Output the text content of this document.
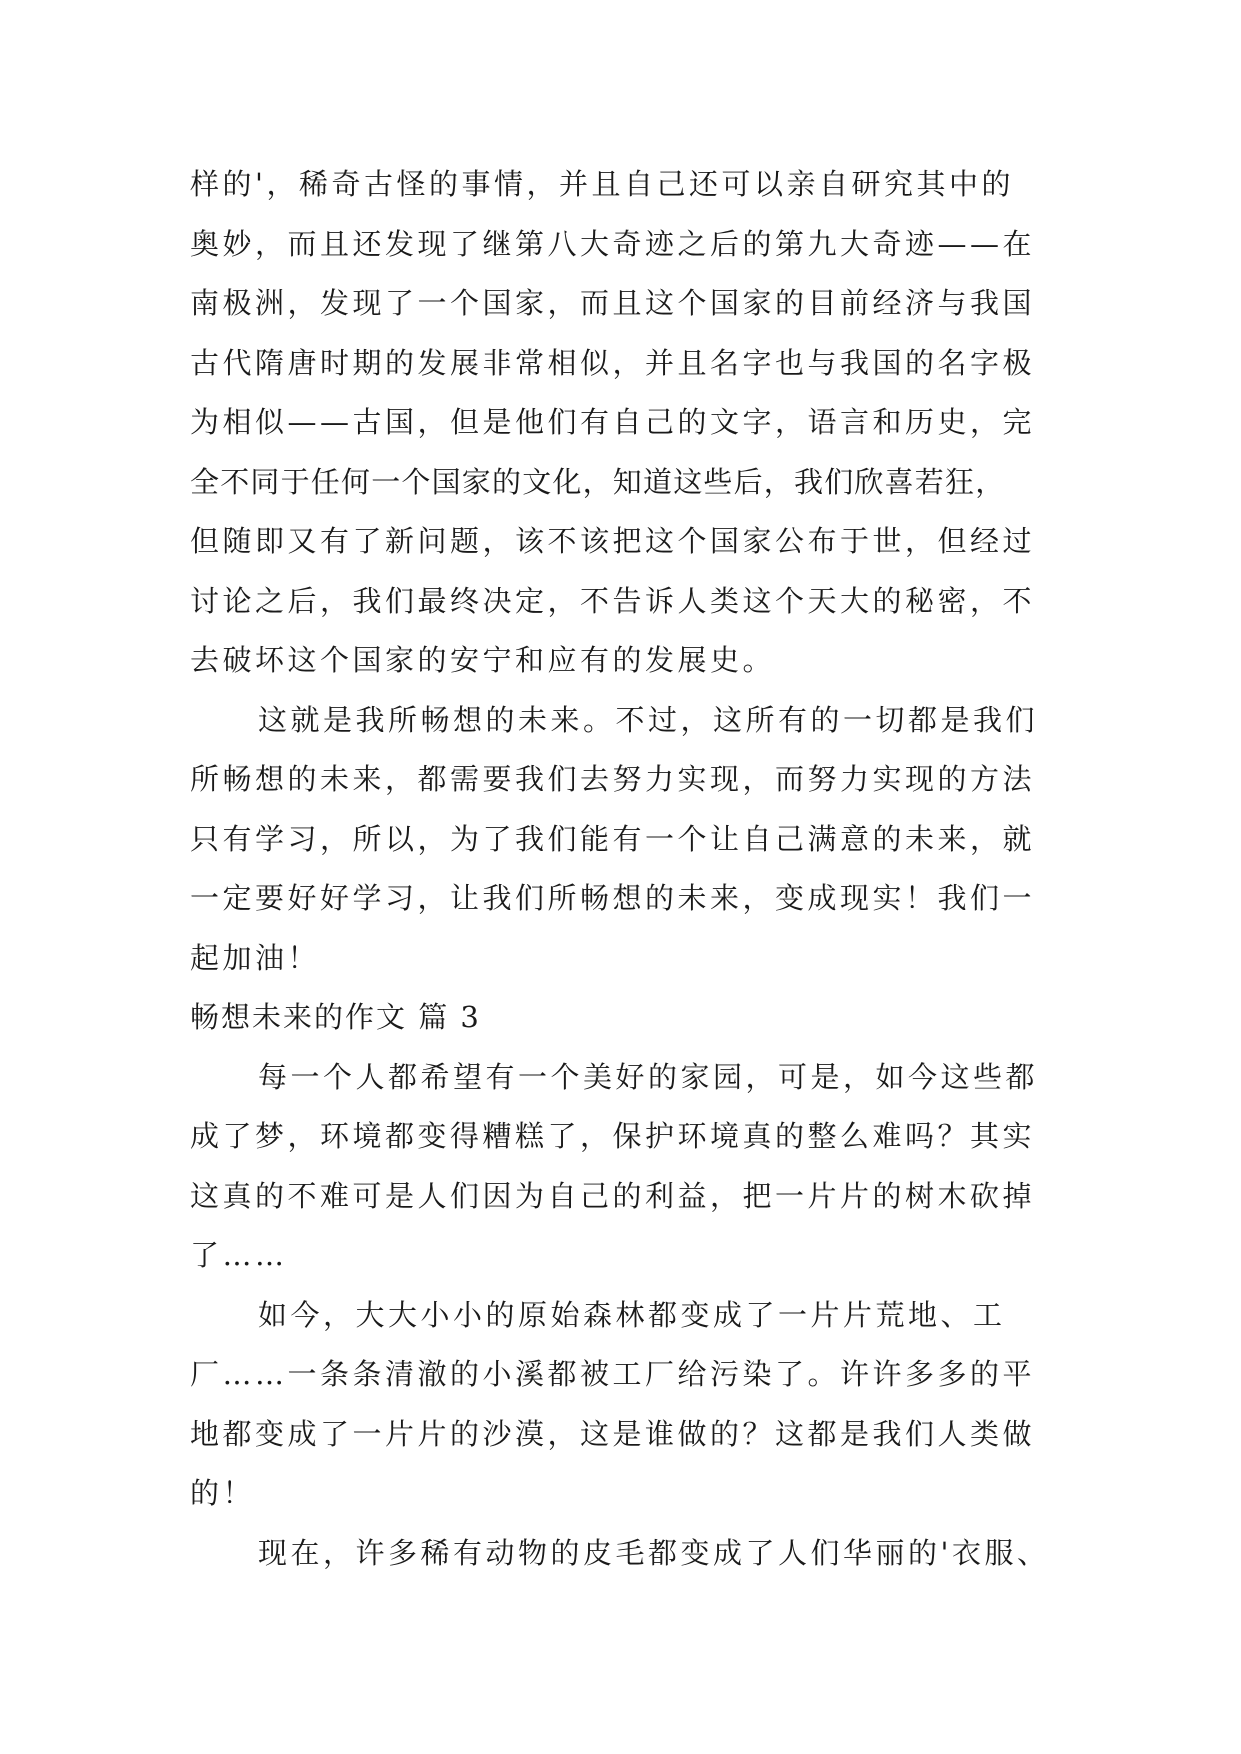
样的'，稀奇古怪的事情，并且自己还可以亲自研究其中的
奥妙，而且还发现了继第八大奇迹之后的第九大奇迹——在
南极洲，发现了一个国家，而且这个国家的目前经济与我国
古代隋唐时期的发展非常相似，并且名字也与我国的名字极
为相似——古国，但是他们有自己的文字，语言和历史，完
全不同于任何一个国家的文化，知道这些后，我们欣喜若狂，
但随即又有了新问题，该不该把这个国家公布于世，但经过
讨论之后，我们最终决定，不告诉人类这个天大的秘密，不
去破坏这个国家的安宁和应有的发展史。
这就是我所畅想的未来。不过，这所有的一切都是我们
所畅想的未来，都需要我们去努力实现，而努力实现的方法
只有学习，所以，为了我们能有一个让自己满意的未来，就
一定要好好学习，让我们所畅想的未来，变成现实！我们一
起加油！
畅想未来的作文 篇 3
每一个人都希望有一个美好的家园，可是，如今这些都
成了梦，环境都变得糟糕了，保护环境真的整么难吗？其实
这真的不难可是人们因为自己的利益，把一片片的树木砍掉
了……
如今，大大小小的原始森林都变成了一片片荒地、工
厂……一条条清澈的小溪都被工厂给污染了。许许多多的平
地都变成了一片片的沙漠，这是谁做的？这都是我们人类做
的！
现在，许多稀有动物的皮毛都变成了人们华丽的'衣服、
